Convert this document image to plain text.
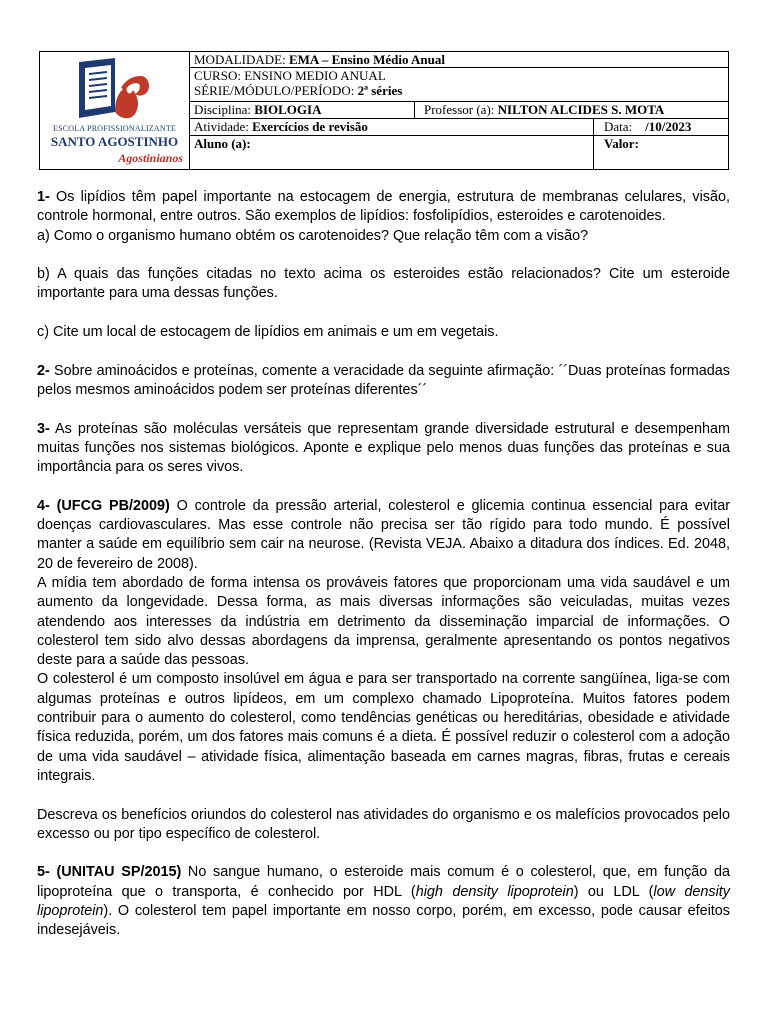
ESCOLA PROFISSIONALIZANTE
SANTO AGOSTINHO
Agostinianos
MODALIDADE: EMA – Ensino Médio Anual
CURSO: ENSINO MEDIO ANUAL
SÉRIE/MÓDULO/PERÍODO: 2ª séries
Disciplina: BIOLOGIA	Professor (a): NILTON ALCIDES S. MOTA
Atividade: Exercícios de revisão	Data: /10/2023
Aluno (a):	Valor:

1- Os lipídios têm papel importante na estocagem de energia, estrutura de membranas celulares, visão, controle hormonal, entre outros. São exemplos de lipídios: fosfolipídios, esteroides e carotenoides.

a) Como o organismo humano obtém os carotenoides? Que relação têm com a visão?

b) A quais das funções citadas no texto acima os esteroides estão relacionados? Cite um esteroide importante para uma dessas funções.

c) Cite um local de estocagem de lipídios em animais e um em vegetais.

2- Sobre aminoácidos e proteínas, comente a veracidade da seguinte afirmação: ´´Duas proteínas formadas pelos mesmos aminoácidos podem ser proteínas diferentes´´

3- As proteínas são moléculas versáteis que representam grande diversidade estrutural e desempenham muitas funções nos sistemas biológicos. Aponte e explique pelo menos duas funções das proteínas e sua importância para os seres vivos.

4- (UFCG PB/2009) O controle da pressão arterial, colesterol e glicemia continua essencial para evitar doenças cardiovasculares. Mas esse controle não precisa ser tão rígido para todo mundo. É possível manter a saúde em equilíbrio sem cair na neurose. (Revista VEJA. Abaixo a ditadura dos índices. Ed. 2048, 20 de fevereiro de 2008).

A mídia tem abordado de forma intensa os prováveis fatores que proporcionam uma vida saudável e um aumento da longevidade. Dessa forma, as mais diversas informações são veiculadas, muitas vezes atendendo aos interesses da indústria em detrimento da disseminação imparcial de informações. O colesterol tem sido alvo dessas abordagens da imprensa, geralmente apresentando os pontos negativos deste para a saúde das pessoas.

O colesterol é um composto insolúvel em água e para ser transportado na corrente sangüínea, liga-se com algumas proteínas e outros lipídeos, em um complexo chamado Lipoproteína. Muitos fatores podem contribuir para o aumento do colesterol, como tendências genéticas ou hereditárias, obesidade e atividade física reduzida, porém, um dos fatores mais comuns é a dieta. É possível reduzir o colesterol com a adoção de uma vida saudável – atividade física, alimentação baseada em carnes magras, fibras, frutas e cereais integrais.

Descreva os benefícios oriundos do colesterol nas atividades do organismo e os malefícios provocados pelo excesso ou por tipo específico de colesterol.

5- (UNITAU SP/2015) No sangue humano, o esteroide mais comum é o colesterol, que, em função da lipoproteína que o transporta, é conhecido por HDL (high density lipoprotein) ou LDL (low density lipoprotein). O colesterol tem papel importante em nosso corpo, porém, em excesso, pode causar efeitos indesejáveis.
